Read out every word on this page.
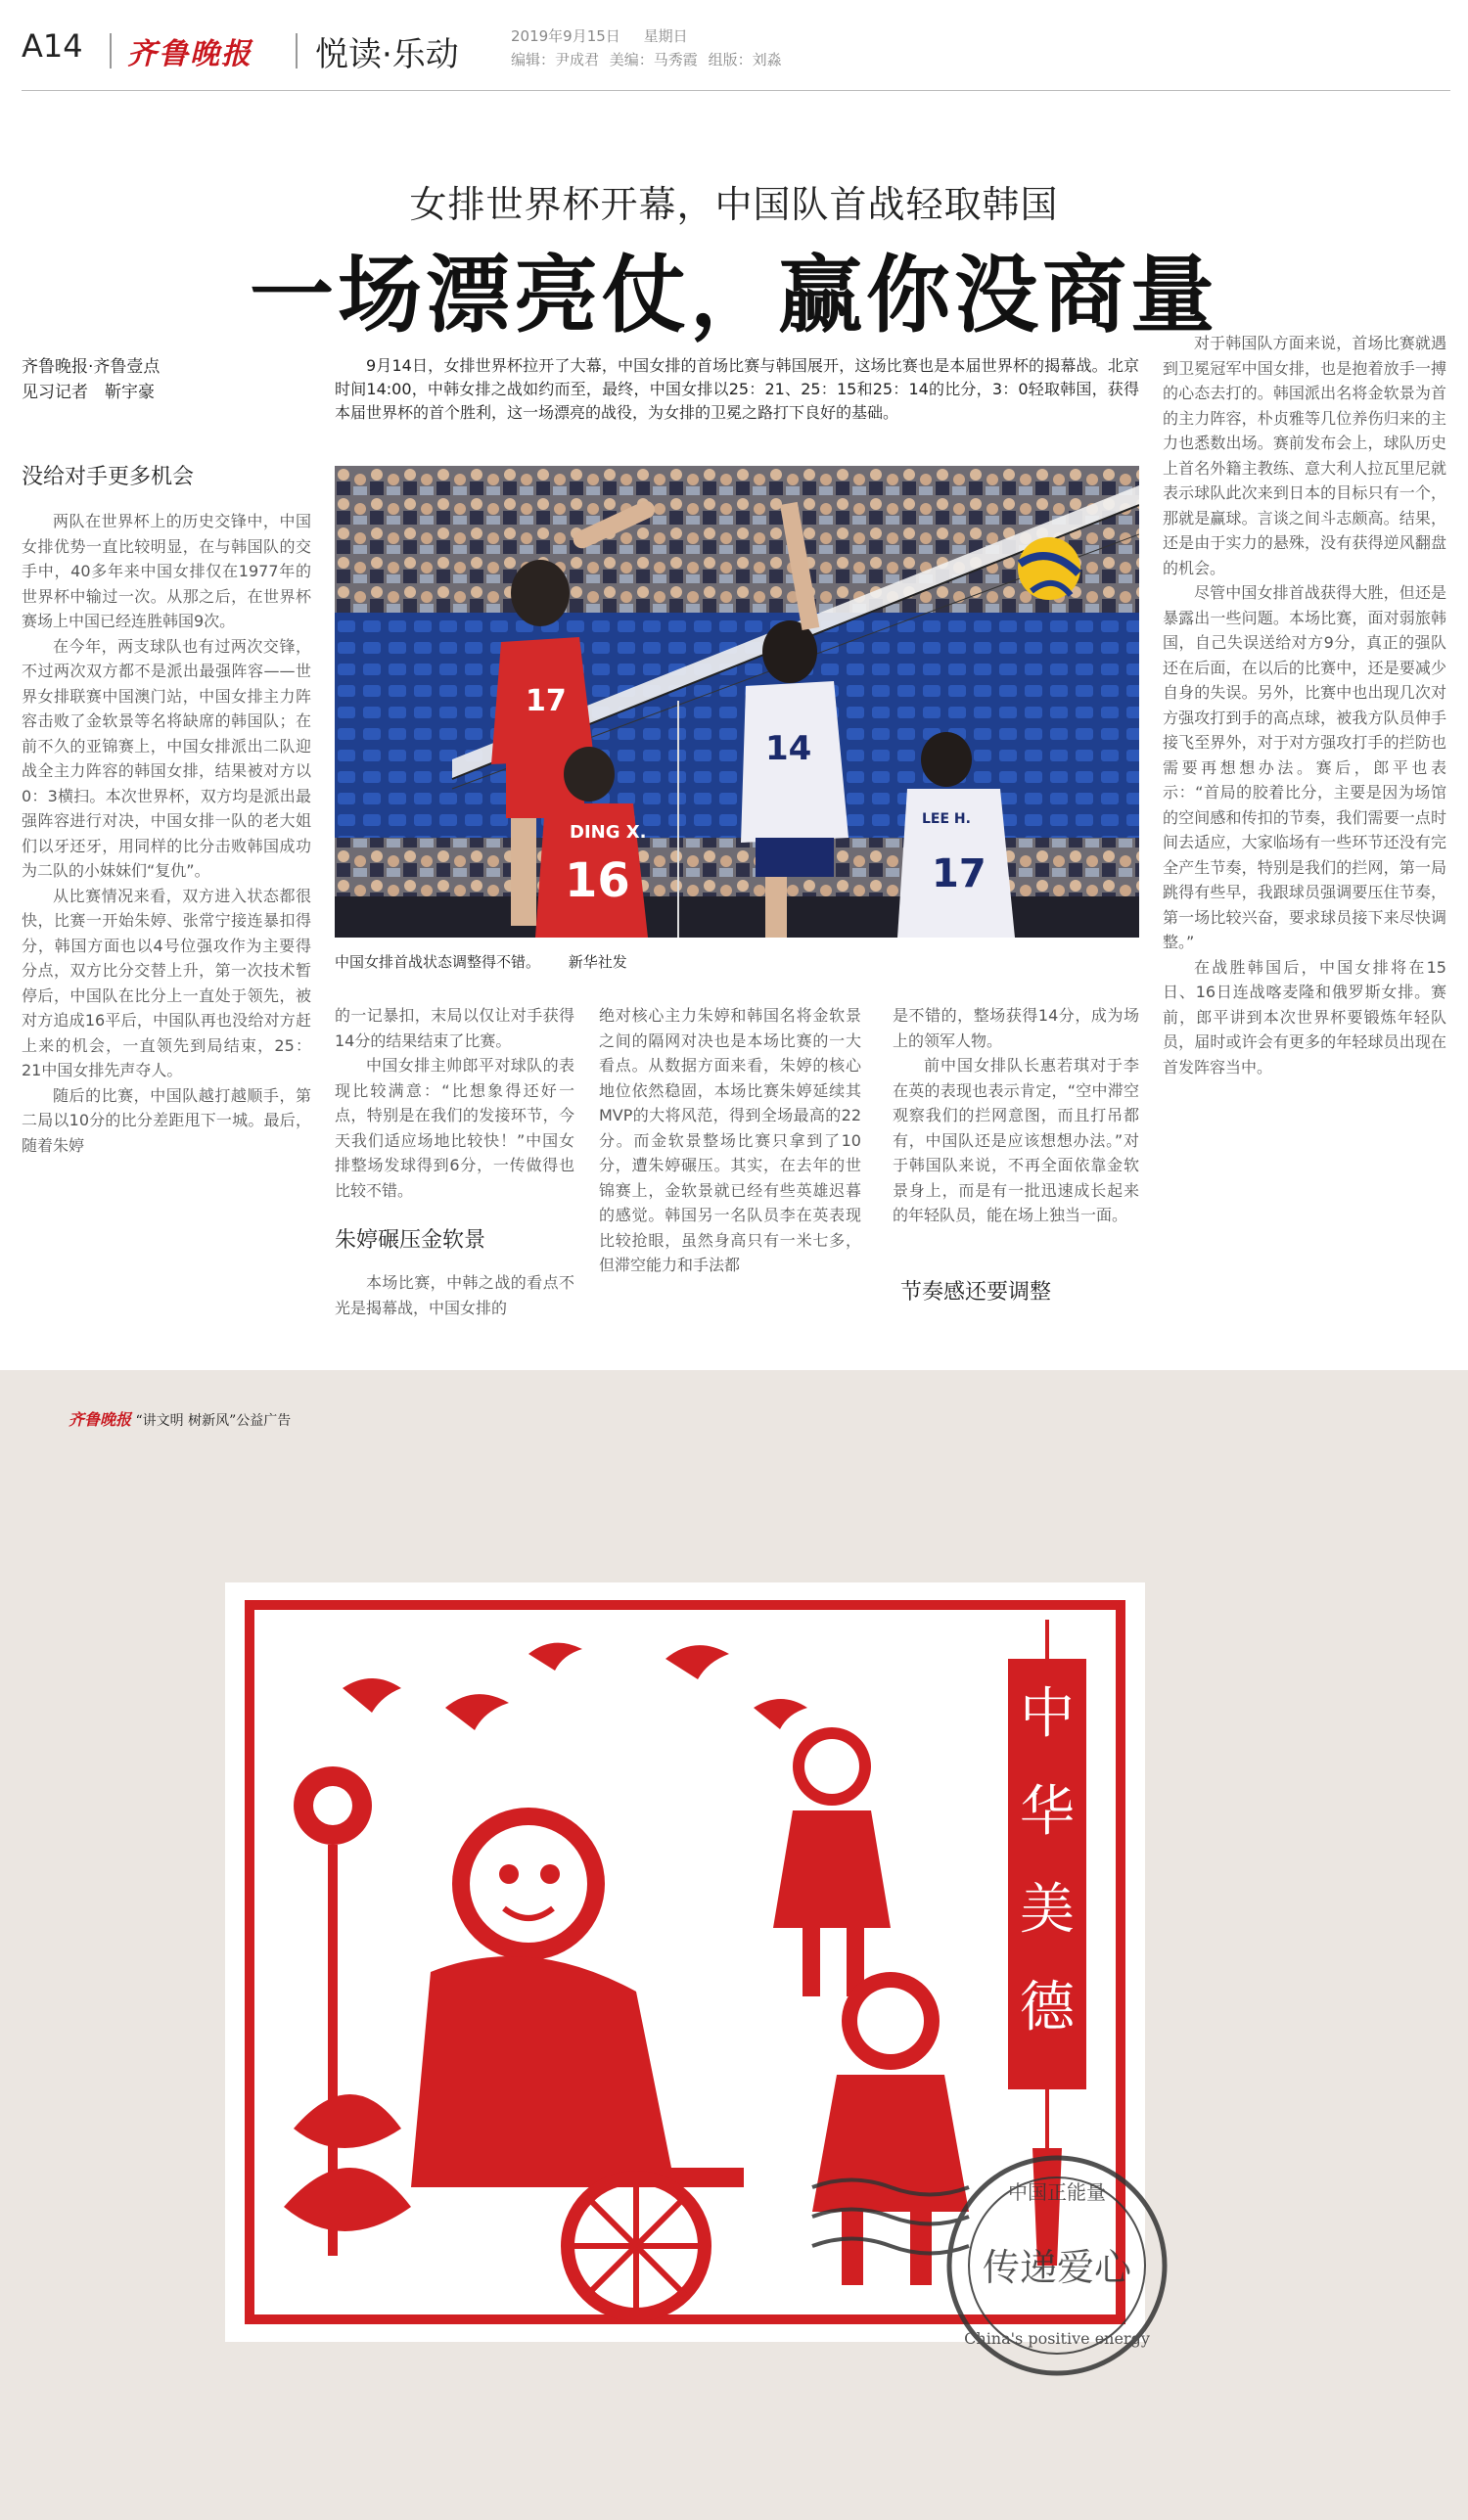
A14 齐鲁晚报 悦读·乐动	2019年9月15日 星期日
编辑：尹成君 美编：马秀霞 组版：刘淼
女排世界杯开幕，中国队首战轻取韩国
一场漂亮仗，赢你没商量
齐鲁晚报·齐鲁壹点
见习记者　靳宇豪
9月14日，女排世界杯拉开了大幕，中国女排的首场比赛与韩国展开，这场比赛也是本届世界杯的揭幕战。北京时间14:00，中韩女排之战如约而至，最终，中国女排以25：21、25：15和25：14的比分，3：0轻取韩国，获得本届世界杯的首个胜利，这一场漂亮的战役，为女排的卫冕之路打下良好的基础。
17
DING X.
16
14
LEE H.
17
中国女排首战状态调整得不错。 新华社发
没给对手更多机会

两队在世界杯上的历史交锋中，中国女排优势一直比较明显，在与韩国队的交手中，40多年来中国女排仅在1977年的世界杯中输过一次。从那之后，在世界杯赛场上中国已经连胜韩国9次。

在今年，两支球队也有过两次交锋，不过两次双方都不是派出最强阵容——世界女排联赛中国澳门站，中国女排主力阵容击败了金软景等名将缺席的韩国队；在前不久的亚锦赛上，中国女排派出二队迎战全主力阵容的韩国女排，结果被对方以0：3横扫。本次世界杯，双方均是派出最强阵容进行对决，中国女排一队的老大姐们以牙还牙，用同样的比分击败韩国成功为二队的小妹妹们“复仇”。

从比赛情况来看，双方进入状态都很快，比赛一开始朱婷、张常宁接连暴扣得分，韩国方面也以4号位强攻作为主要得分点，双方比分交替上升，第一次技术暂停后，中国队在比分上一直处于领先，被对方追成16平后，中国队再也没给对方赶上来的机会，一直领先到局结束，25：21中国女排先声夺人。

随后的比赛，中国队越打越顺手，第二局以10分的比分差距甩下一城。最后，随着朱婷

的一记暴扣，末局以仅让对手获得14分的结果结束了比赛。

中国女排主帅郎平对球队的表现比较满意：“比想象得还好一点，特别是在我们的发接环节，今天我们适应场地比较快！”中国女排整场发球得到6分，一传做得也比较不错。

朱婷碾压金软景

本场比赛，中韩之战的看点不光是揭幕战，中国女排的

绝对核心主力朱婷和韩国名将金软景之间的隔网对决也是本场比赛的一大看点。从数据方面来看，朱婷的核心地位依然稳固，本场比赛朱婷延续其MVP的大将风范，得到全场最高的22分。而金软景整场比赛只拿到了10分，遭朱婷碾压。其实，在去年的世锦赛上，金软景就已经有些英雄迟暮的感觉。韩国另一名队员李在英表现比较抢眼，虽然身高只有一米七多，但滞空能力和手法都

是不错的，整场获得14分，成为场上的领军人物。

前中国女排队长惠若琪对于李在英的表现也表示肯定，“空中滞空观察我们的拦网意图，而且打吊都有，中国队还是应该想想办法。”对于韩国队来说，不再全面依靠金软景身上，而是有一批迅速成长起来的年轻队员，能在场上独当一面。

节奏感还要调整

对于韩国队方面来说，首场比赛就遇到卫冕冠军中国女排，也是抱着放手一搏的心态去打的。韩国派出名将金软景为首的主力阵容，朴贞雅等几位养伤归来的主力也悉数出场。赛前发布会上，球队历史上首名外籍主教练、意大利人拉瓦里尼就表示球队此次来到日本的目标只有一个，那就是赢球。言谈之间斗志颇高。结果，还是由于实力的悬殊，没有获得逆风翻盘的机会。

尽管中国女排首战获得大胜，但还是暴露出一些问题。本场比赛，面对弱旅韩国，自己失误送给对方9分，真正的强队还在后面，在以后的比赛中，还是要减少自身的失误。另外，比赛中也出现几次对方强攻打到手的高点球，被我方队员伸手接飞至界外，对于对方强攻打手的拦防也需要再想想办法。赛后，郎平也表示：“首局的胶着比分，主要是因为场馆的空间感和传扣的节奏，我们需要一点时间去适应，大家临场有一些环节还没有完全产生节奏，特别是我们的拦网，第一局跳得有些早，我跟球员强调要压住节奏，第一场比较兴奋，要求球员接下来尽快调整。”

在战胜韩国后，中国女排将在15日、16日连战喀麦隆和俄罗斯女排。赛前，郎平讲到本次世界杯要锻炼年轻队员，届时或许会有更多的年轻球员出现在首发阵容当中。

齐鲁晚报 “讲文明 树新风”公益广告
中
华
美
德
中国正能量
传递爱心
China's positive energy
